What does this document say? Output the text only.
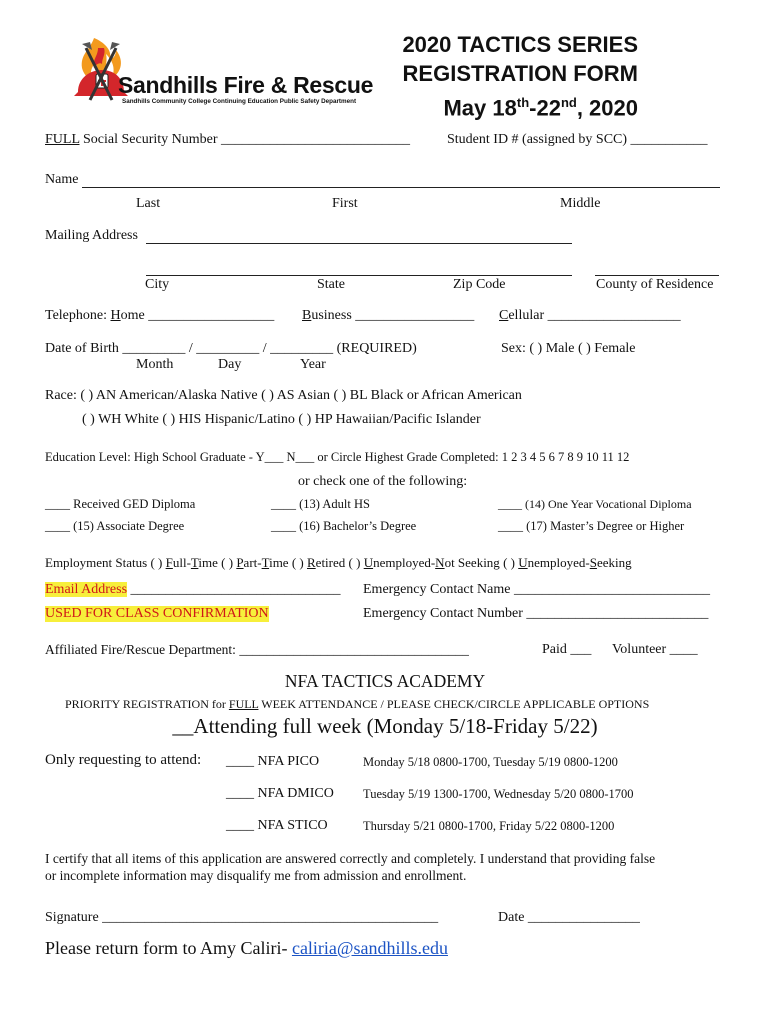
Sandhills Fire & Rescue
Sandhills Community College Continuing Education Public Safety Department
2020 TACTICS SERIES
REGISTRATION FORM
May 18th-22nd, 2020
FULL Social Security Number ___________________________	Student ID # (assigned by SCC) ___________
Name
Last	First	Middle
Mailing Address
City	State	Zip Code	County of Residence
Telephone: Home __________________ Business _________________ Cellular ___________________
Date of Birth _________ / _________ / _________ (REQUIRED)
Month	Day	Year
Sex: ( ) Male ( ) Female
Race: ( ) AN American/Alaska Native ( ) AS Asian ( ) BL Black or African American
( ) WH White ( ) HIS Hispanic/Latino ( ) HP Hawaiian/Pacific Islander
Education Level: High School Graduate - Y___ N___ or Circle Highest Grade Completed: 1 2 3 4 5 6 7 8 9 10 11 12
or check one of the following:
____ Received GED Diploma	____ (13) Adult HS	____ (14) One Year Vocational Diploma
____ (15) Associate Degree	____ (16) Bachelor’s Degree	____ (17) Master’s Degree or Higher
Employment Status ( ) Full-Time ( ) Part-Time ( ) Retired ( ) Unemployed-Not Seeking ( ) Unemployed-Seeking
Email Address ______________________________
USED FOR CLASS CONFIRMATION
Emergency Contact Name ____________________________
Emergency Contact Number __________________________
Affiliated Fire/Rescue Department: __________________________________	Paid ___ Volunteer ____
NFA TACTICS ACADEMY
PRIORITY REGISTRATION for FULL WEEK ATTENDANCE / PLEASE CHECK/CIRCLE APPLICABLE OPTIONS
__Attending full week (Monday 5/18-Friday 5/22)
Only requesting to attend: ____ NFA PICO	Monday 5/18 0800-1700, Tuesday 5/19 0800-1200
____ NFA DMICO Tuesday 5/19 1300-1700, Wednesday 5/20 0800-1700
____ NFA STICO	Thursday 5/21 0800-1700, Friday 5/22 0800-1200
I certify that all items of this application are answered correctly and completely. I understand that providing false
or incomplete information may disqualify me from admission and enrollment.
Signature ________________________________________________	Date ________________
Please return form to Amy Caliri- caliria@sandhills.edu
